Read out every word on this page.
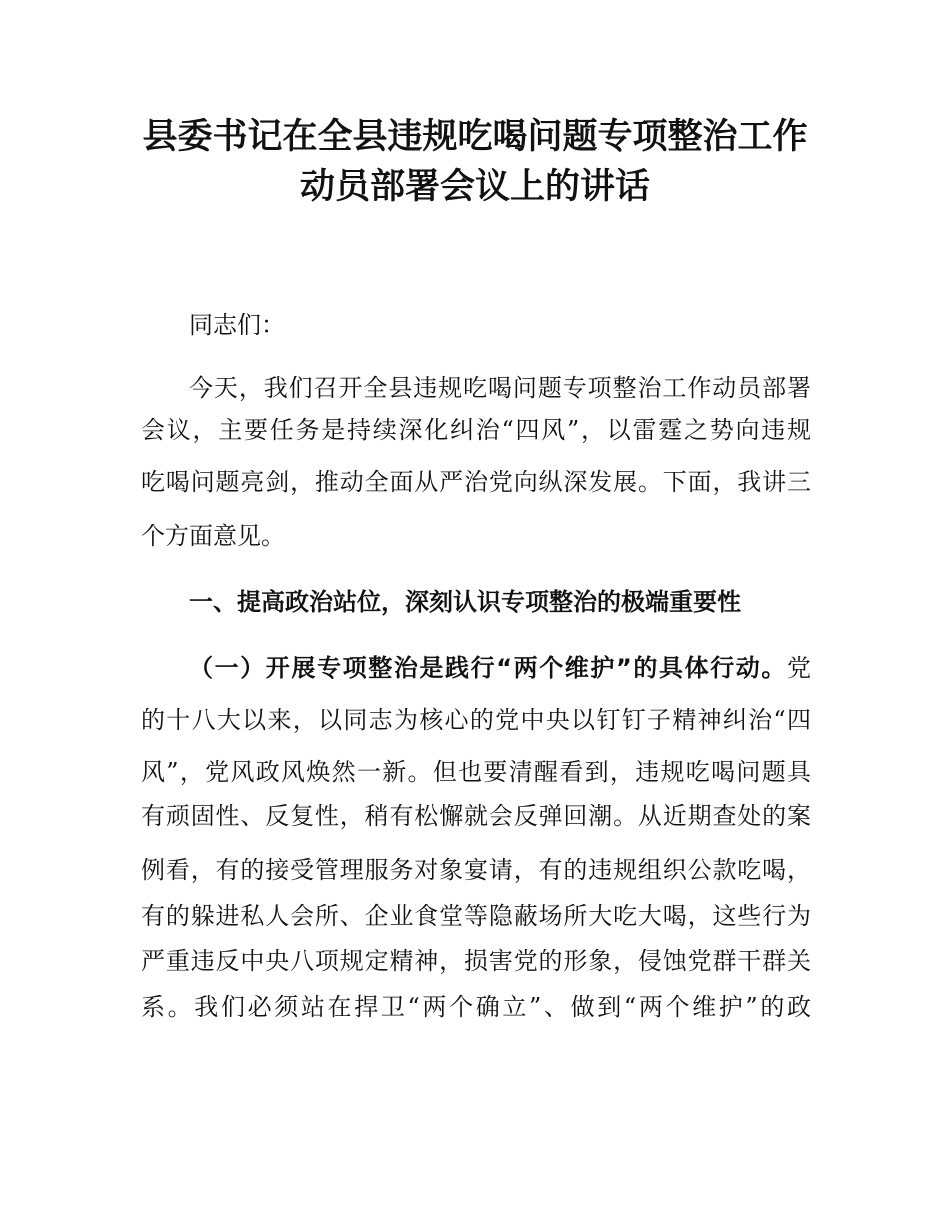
县委书记在全县违规吃喝问题专项整治工作
动员部署会议上的讲话

同志们：

今天，我们召开全县违规吃喝问题专项整治工作动员部署

会议，主要任务是持续深化纠治“四风”，以雷霆之势向违规

吃喝问题亮剑，推动全面从严治党向纵深发展。下面，我讲三

个方面意见。

一、提高政治站位，深刻认识专项整治的极端重要性

（一）开展专项整治是践行“两个维护”的具体行动。党

的十八大以来，以同志为核心的党中央以钉钉子精神纠治“四

风”，党风政风焕然一新。但也要清醒看到，违规吃喝问题具

有顽固性、反复性，稍有松懈就会反弹回潮。从近期查处的案

例看，有的接受管理服务对象宴请，有的违规组织公款吃喝，

有的躲进私人会所、企业食堂等隐蔽场所大吃大喝，这些行为

严重违反中央八项规定精神，损害党的形象，侵蚀党群干群关

系。我们必须站在捍卫“两个确立”、做到“两个维护”的政
